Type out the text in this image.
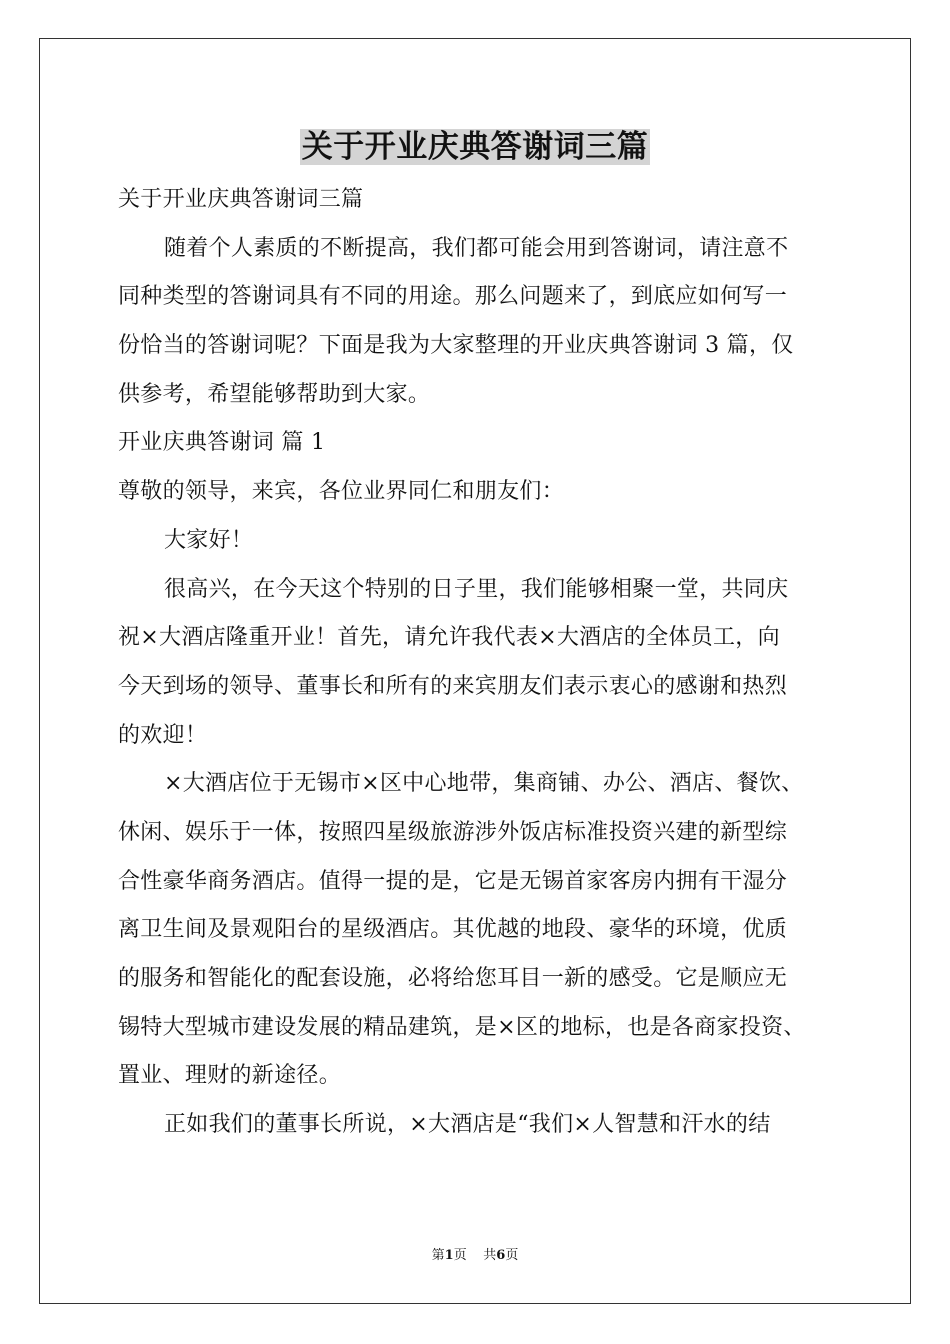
关于开业庆典答谢词三篇
关于开业庆典答谢词三篇
随着个人素质的不断提高，我们都可能会用到答谢词，请注意不
同种类型的答谢词具有不同的用途。那么问题来了，到底应如何写一
份恰当的答谢词呢？下面是我为大家整理的开业庆典答谢词 3 篇，仅
供参考，希望能够帮助到大家。
开业庆典答谢词 篇 1
尊敬的领导，来宾，各位业界同仁和朋友们：
大家好！
很高兴，在今天这个特别的日子里，我们能够相聚一堂，共同庆
祝×大酒店隆重开业！首先，请允许我代表×大酒店的全体员工，向
今天到场的领导、董事长和所有的来宾朋友们表示衷心的感谢和热烈
的欢迎！
×大酒店位于无锡市×区中心地带，集商铺、办公、酒店、餐饮、
休闲、娱乐于一体，按照四星级旅游涉外饭店标准投资兴建的新型综
合性豪华商务酒店。值得一提的是，它是无锡首家客房内拥有干湿分
离卫生间及景观阳台的星级酒店。其优越的地段、豪华的环境，优质
的服务和智能化的配套设施，必将给您耳目一新的感受。它是顺应无
锡特大型城市建设发展的精品建筑，是×区的地标，也是各商家投资、
置业、理财的新途径。
正如我们的董事长所说，×大酒店是“我们×人智慧和汗水的结
第1页 共6页
